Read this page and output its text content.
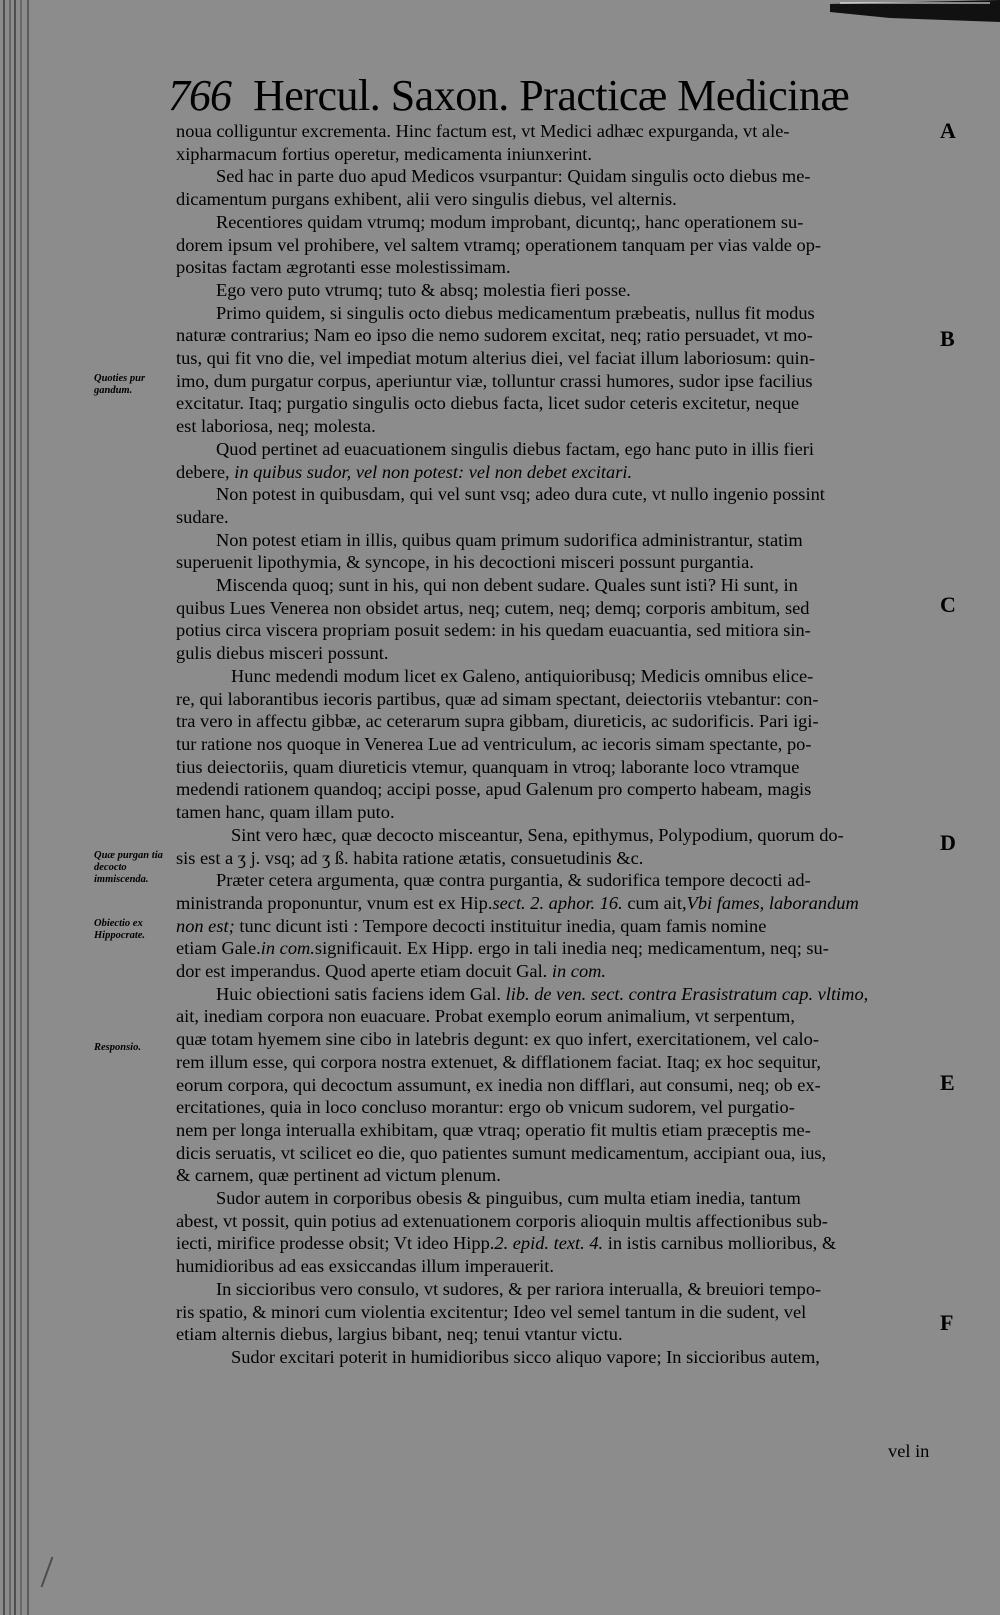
766 Hercul. Saxon. Practicæ Medicinæ
Quoties pur gandum.
Quæ purgan tia decocto immiscenda.
Obiectio ex Hippocrate.
Responsio.
A
B
C
D
E
F

noua colliguntur excrementa. Hinc factum est, vt Medici adhæc expurganda, vt ale-

xipharmacum fortius operetur, medicamenta iniunxerint.

Sed hac in parte duo apud Medicos vsurpantur: Quidam singulis octo diebus me-

dicamentum purgans exhibent, alii vero singulis diebus, vel alternis.

Recentiores quidam vtrumq; modum improbant, dicuntq;, hanc operationem su-

dorem ipsum vel prohibere, vel saltem vtramq; operationem tanquam per vias valde op-

positas factam ægrotanti esse molestissimam.

Ego vero puto vtrumq; tuto & absq; molestia fieri posse.

Primo quidem, si singulis octo diebus medicamentum præbeatis, nullus fit modus

naturæ contrarius; Nam eo ipso die nemo sudorem excitat, neq; ratio persuadet, vt mo-

tus, qui fit vno die, vel impediat motum alterius diei, vel faciat illum laboriosum: quin-

imo, dum purgatur corpus, aperiuntur viæ, tolluntur crassi humores, sudor ipse facilius

excitatur. Itaq; purgatio singulis octo diebus facta, licet sudor ceteris excitetur, neque

est laboriosa, neq; molesta.

Quod pertinet ad euacuationem singulis diebus factam, ego hanc puto in illis fieri

debere, in quibus sudor, vel non potest: vel non debet excitari.

Non potest in quibusdam, qui vel sunt vsq; adeo dura cute, vt nullo ingenio possint

sudare.

Non potest etiam in illis, quibus quam primum sudorifica administrantur, statim

superuenit lipothymia, & syncope, in his decoctioni misceri possunt purgantia.

Miscenda quoq; sunt in his, qui non debent sudare. Quales sunt isti? Hi sunt, in

quibus Lues Venerea non obsidet artus, neq; cutem, neq; demq; corporis ambitum, sed

potius circa viscera propriam posuit sedem: in his quedam euacuantia, sed mitiora sin-

gulis diebus misceri possunt.

Hunc medendi modum licet ex Galeno, antiquioribusq; Medicis omnibus elice-

re, qui laborantibus iecoris partibus, quæ ad simam spectant, deiectoriis vtebantur: con-

tra vero in affectu gibbæ, ac ceterarum supra gibbam, diureticis, ac sudorificis. Pari igi-

tur ratione nos quoque in Venerea Lue ad ventriculum, ac iecoris simam spectante, po-

tius deiectoriis, quam diureticis vtemur, quanquam in vtroq; laborante loco vtramque

medendi rationem quandoq; accipi posse, apud Galenum pro comperto habeam, magis

tamen hanc, quam illam puto.

Sint vero hæc, quæ decocto misceantur, Sena, epithymus, Polypodium, quorum do-

sis est a ʒ j. vsq; ad ʒ ß. habita ratione ætatis, consuetudinis &c.

Præter cetera argumenta, quæ contra purgantia, & sudorifica tempore decocti ad-

ministranda proponuntur, vnum est ex Hip.sect. 2. aphor. 16. cum ait,Vbi fames, laborandum

non est; tunc dicunt isti : Tempore decocti instituitur inedia, quam famis nomine

etiam Gale.in com.significauit. Ex Hipp. ergo in tali inedia neq; medicamentum, neq; su-

dor est imperandus. Quod aperte etiam docuit Gal. in com.

Huic obiectioni satis faciens idem Gal. lib. de ven. sect. contra Erasistratum cap. vltimo,

ait, inediam corpora non euacuare. Probat exemplo eorum animalium, vt serpentum,

quæ totam hyemem sine cibo in latebris degunt: ex quo infert, exercitationem, vel calo-

rem illum esse, qui corpora nostra extenuet, & difflationem faciat. Itaq; ex hoc sequitur,

eorum corpora, qui decoctum assumunt, ex inedia non difflari, aut consumi, neq; ob ex-

ercitationes, quia in loco concluso morantur: ergo ob vnicum sudorem, vel purgatio-

nem per longa interualla exhibitam, quæ vtraq; operatio fit multis etiam præceptis me-

dicis seruatis, vt scilicet eo die, quo patientes sumunt medicamentum, accipiant oua, ius,

& carnem, quæ pertinent ad victum plenum.

Sudor autem in corporibus obesis & pinguibus, cum multa etiam inedia, tantum

abest, vt possit, quin potius ad extenuationem corporis alioquin multis affectionibus sub-

iecti, mirifice prodesse obsit; Vt ideo Hipp.2. epid. text. 4. in istis carnibus mollioribus, &

humidioribus ad eas exsiccandas illum imperauerit.

In siccioribus vero consulo, vt sudores, & per rariora interualla, & breuiori tempo-

ris spatio, & minori cum violentia excitentur; Ideo vel semel tantum in die sudent, vel

etiam alternis diebus, largius bibant, neq; tenui vtantur victu.

Sudor excitari poterit in humidioribus sicco aliquo vapore; In siccioribus autem,

vel in
